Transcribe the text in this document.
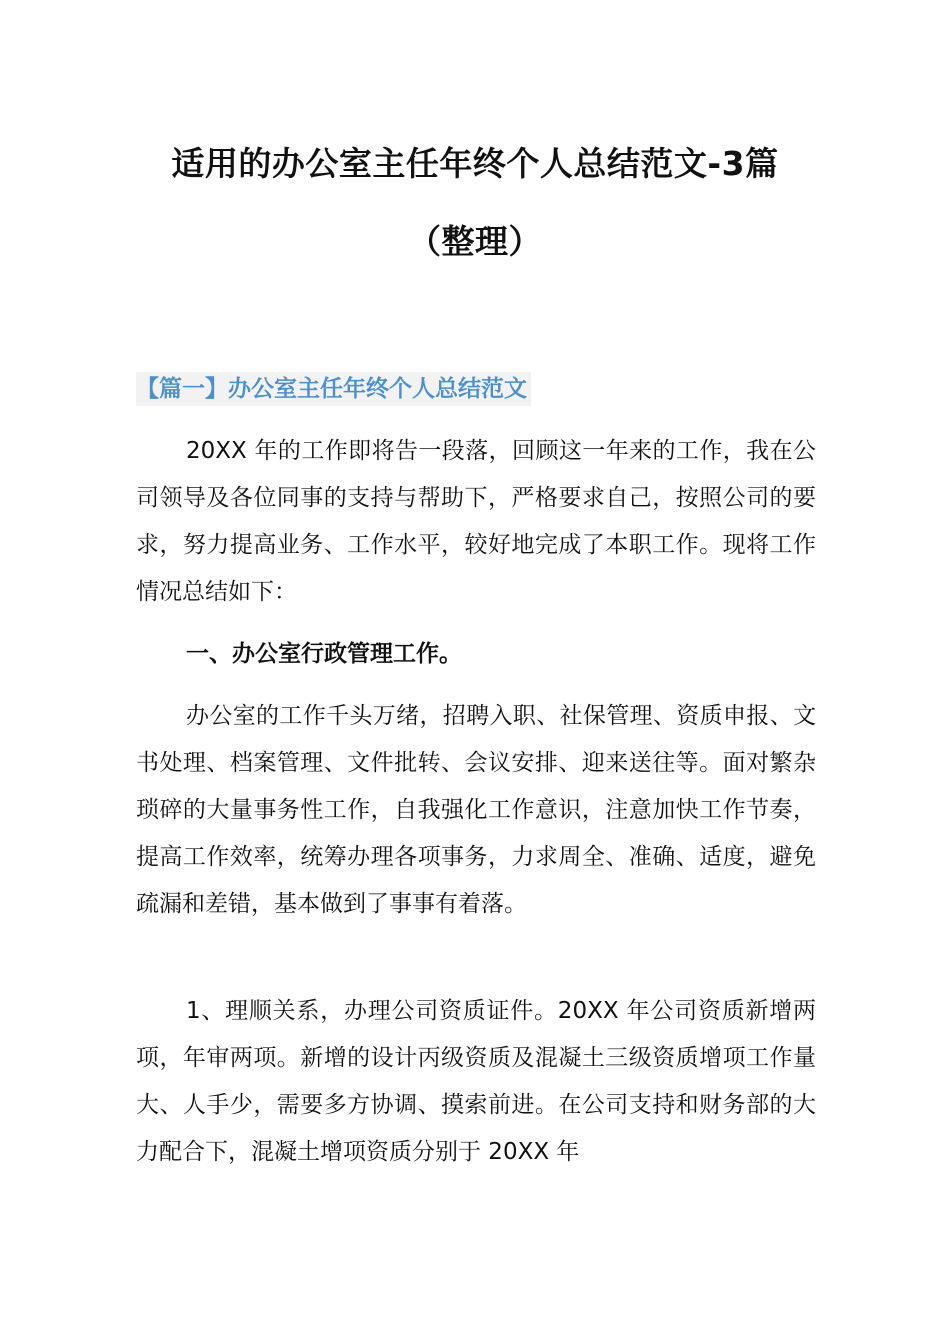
适用的办公室主任年终个人总结范文-3篇
（整理）
【篇一】办公室主任年终个人总结范文
20XX 年的工作即将告一段落，回顾这一年来的工作，我在公司领导及各位同事的支持与帮助下，严格要求自己，按照公司的要求，努力提高业务、工作水平，较好地完成了本职工作。现将工作情况总结如下：
一、办公室行政管理工作。
办公室的工作千头万绪，招聘入职、社保管理、资质申报、文书处理、档案管理、文件批转、会议安排、迎来送往等。面对繁杂琐碎的大量事务性工作，自我强化工作意识，注意加快工作节奏，提高工作效率，统筹办理各项事务，力求周全、准确、适度，避免疏漏和差错，基本做到了事事有着落。
1、理顺关系，办理公司资质证件。20XX 年公司资质新增两项，年审两项。新增的设计丙级资质及混凝土三级资质增项工作量大、人手少，需要多方协调、摸索前进。在公司支持和财务部的大力配合下，混凝土增项资质分别于 20XX 年
